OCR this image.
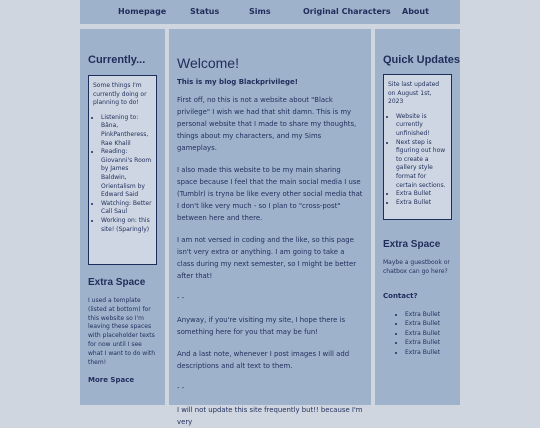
Homepage	Status	Sims	Original Characters About
Currently...

Some things I'm currently doing or planning to do!

• Listening to: Bâna, PinkPantheress, Rae Khalil
• Reading: Giovanni's Room by James Baldwin, Orientalism by Edward Said
• Watching: Better Call Saul
• Working on: this site! (Sparingly)
Extra Space

I used a template (listed at bottom) for this website so I'm leaving these spaces with placeholder texts for now until I see what I want to do with them!

More Space
Welcome!
This is my blog Blackprivilege!

First off, no this is not a website about "Black privilege" I wish we had that shit damn. This is my personal website that I made to share my thoughts, things about my characters, and my Sims gameplays.

I also made this website to be my main sharing space because I feel that the main social media I use (Tumblr) is tryna be like every other social media that I don't like very much - so I plan to "cross-post" between here and there.

I am not versed in coding and the like, so this page isn't very extra or anything. I am going to take a class during my next semester, so I might be better after that!

- -

Anyway, if you're visiting my site, I hope there is something here for you that may be fun!

And a last note, whenever I post images I will add descriptions and alt text to them.

- -

I will not update this site frequently but!! because I'm very

Quick Updates

Site last updated on August 1st, 2023

• Website is currently unfinished!
• Next step is figuring out how to create a gallery style format for certain sections.
• Extra Bullet
• Extra Bullet
Extra Space

Maybe a guestbook or chatbox can go here?

Contact?
• Extra Bullet
• Extra Bullet
• Extra Bullet
• Extra Bullet
• Extra Bullet
